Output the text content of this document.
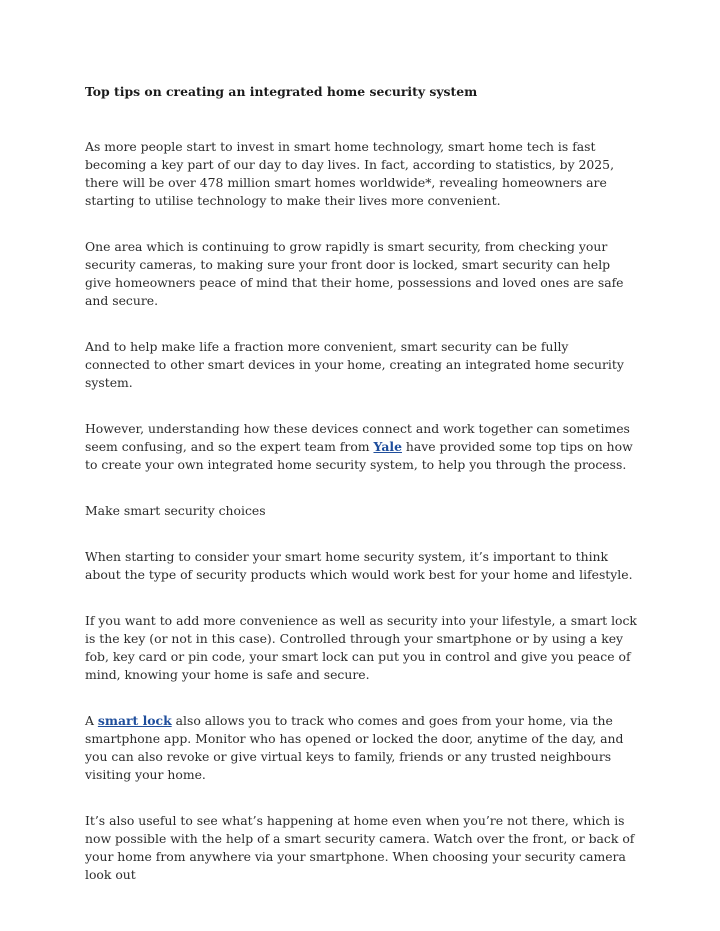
Top tips on creating an integrated home security system

As more people start to invest in smart home technology, smart home tech is fast becoming a key part of our day to day lives. In fact, according to statistics, by 2025, there will be over 478 million smart homes worldwide*, revealing homeowners are starting to utilise technology to make their lives more convenient.

One area which is continuing to grow rapidly is smart security, from checking your security cameras, to making sure your front door is locked, smart security can help give homeowners peace of mind that their home, possessions and loved ones are safe and secure.

And to help make life a fraction more convenient, smart security can be fully connected to other smart devices in your home, creating an integrated home security system.

However, understanding how these devices connect and work together can sometimes seem confusing, and so the expert team from Yale have provided some top tips on how to create your own integrated home security system, to help you through the process.

Make smart security choices

When starting to consider your smart home security system, it’s important to think about the type of security products which would work best for your home and lifestyle.

If you want to add more convenience as well as security into your lifestyle, a smart lock is the key (or not in this case). Controlled through your smartphone or by using a key fob, key card or pin code, your smart lock can put you in control and give you peace of mind, knowing your home is safe and secure.

A smart lock also allows you to track who comes and goes from your home, via the smartphone app. Monitor who has opened or locked the door, anytime of the day, and you can also revoke or give virtual keys to family, friends or any trusted neighbours visiting your home.

It’s also useful to see what’s happening at home even when you’re not there, which is now possible with the help of a smart security camera. Watch over the front, or back of your home from anywhere via your smartphone. When choosing your security camera look out
